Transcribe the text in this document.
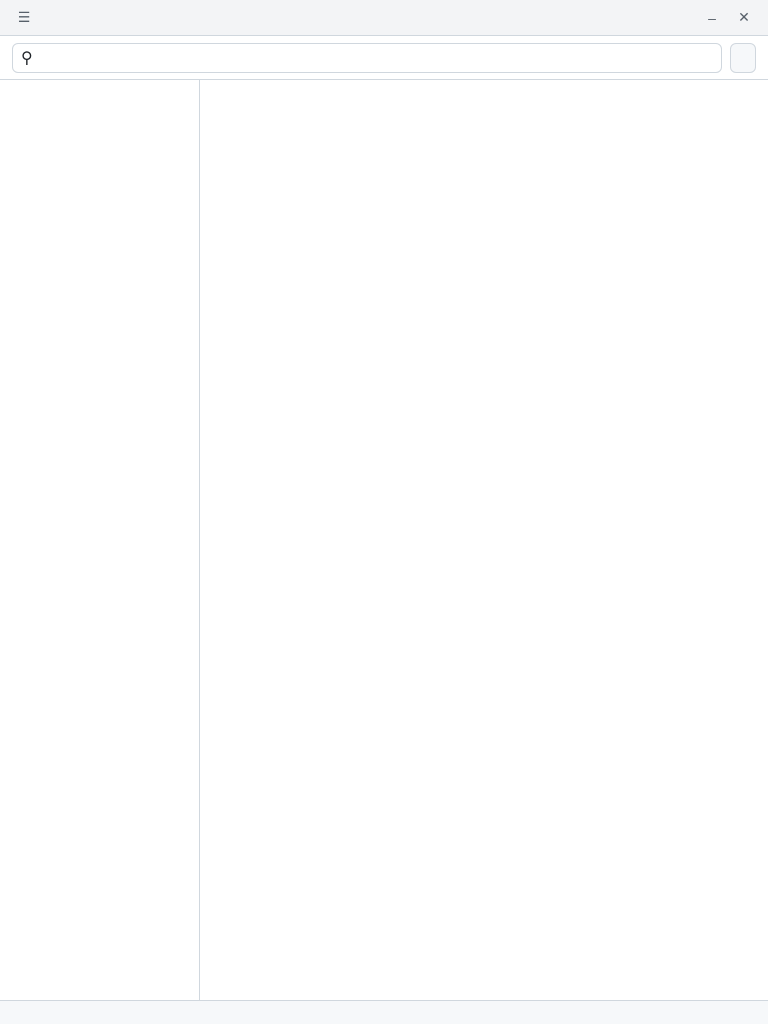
☰	–	✕
⚲
